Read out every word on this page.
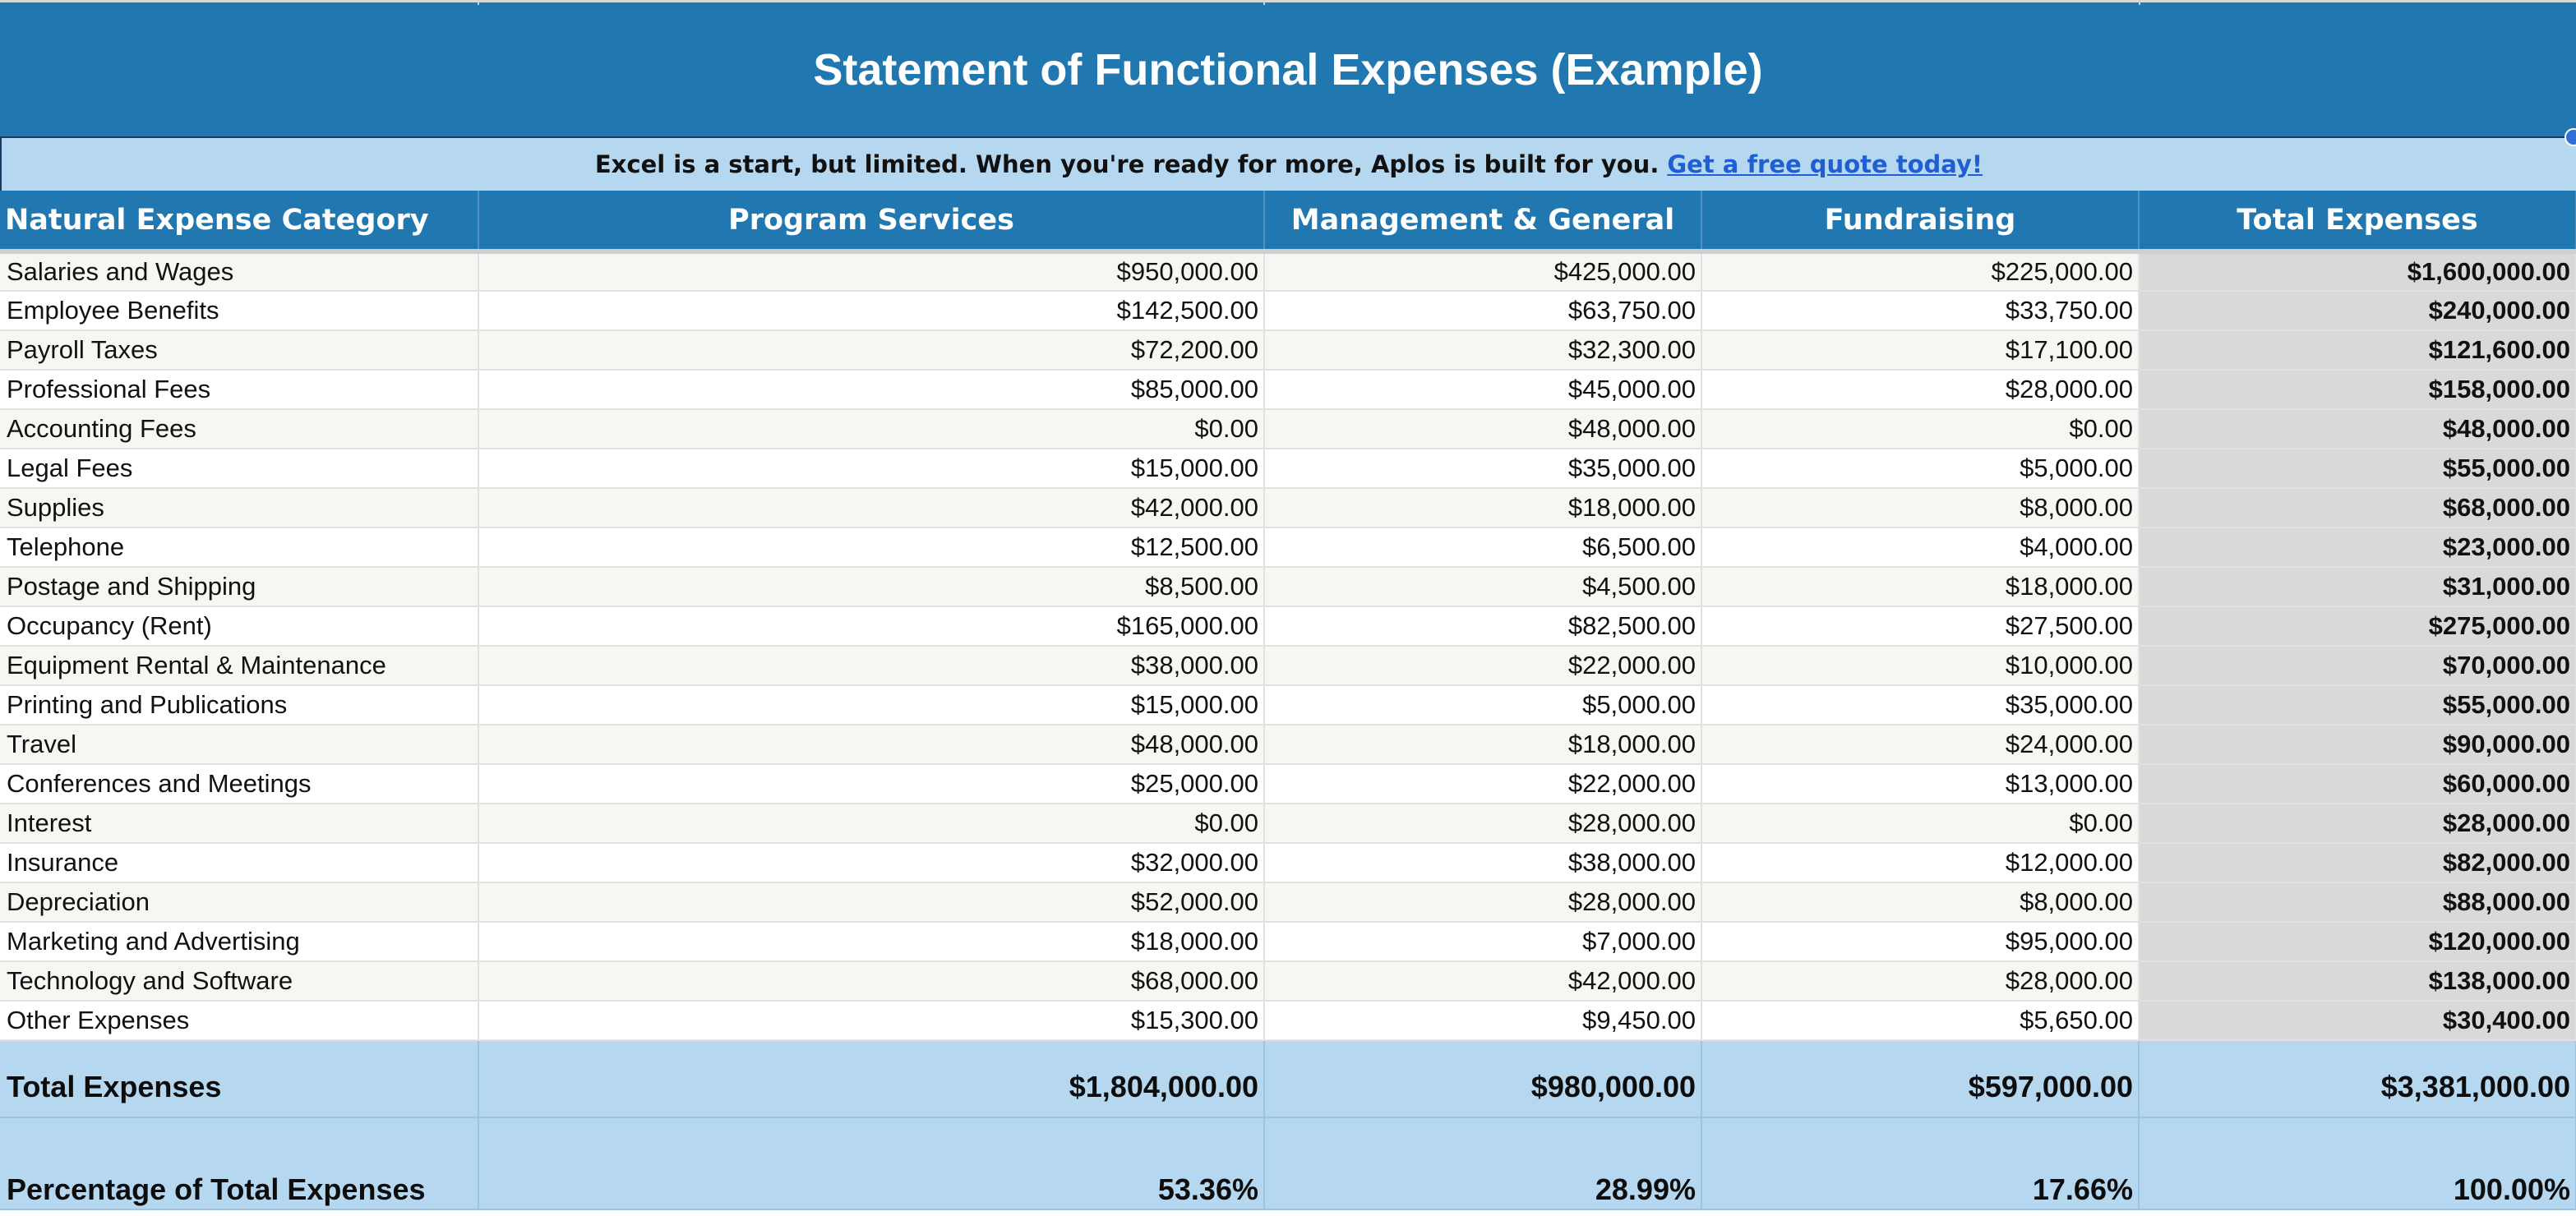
Statement of Functional Expenses (Example)
Excel is a start, but limited. When you're ready for more, Aplos is built for you. Get a free quote today!
Natural Expense Category	Program Services	Management & General	Fundraising	Total Expenses
Salaries and Wages	$950,000.00	$425,000.00	$225,000.00	$1,600,000.00
Employee Benefits	$142,500.00	$63,750.00	$33,750.00	$240,000.00
Payroll Taxes	$72,200.00	$32,300.00	$17,100.00	$121,600.00
Professional Fees	$85,000.00	$45,000.00	$28,000.00	$158,000.00
Accounting Fees	$0.00	$48,000.00	$0.00	$48,000.00
Legal Fees	$15,000.00	$35,000.00	$5,000.00	$55,000.00
Supplies	$42,000.00	$18,000.00	$8,000.00	$68,000.00
Telephone	$12,500.00	$6,500.00	$4,000.00	$23,000.00
Postage and Shipping	$8,500.00	$4,500.00	$18,000.00	$31,000.00
Occupancy (Rent)	$165,000.00	$82,500.00	$27,500.00	$275,000.00
Equipment Rental & Maintenance	$38,000.00	$22,000.00	$10,000.00	$70,000.00
Printing and Publications	$15,000.00	$5,000.00	$35,000.00	$55,000.00
Travel	$48,000.00	$18,000.00	$24,000.00	$90,000.00
Conferences and Meetings	$25,000.00	$22,000.00	$13,000.00	$60,000.00
Interest	$0.00	$28,000.00	$0.00	$28,000.00
Insurance	$32,000.00	$38,000.00	$12,000.00	$82,000.00
Depreciation	$52,000.00	$28,000.00	$8,000.00	$88,000.00
Marketing and Advertising	$18,000.00	$7,000.00	$95,000.00	$120,000.00
Technology and Software	$68,000.00	$42,000.00	$28,000.00	$138,000.00
Other Expenses	$15,300.00	$9,450.00	$5,650.00	$30,400.00
Total Expenses	$1,804,000.00	$980,000.00	$597,000.00	$3,381,000.00
Percentage of Total Expenses	53.36%	28.99%	17.66%	100.00%
